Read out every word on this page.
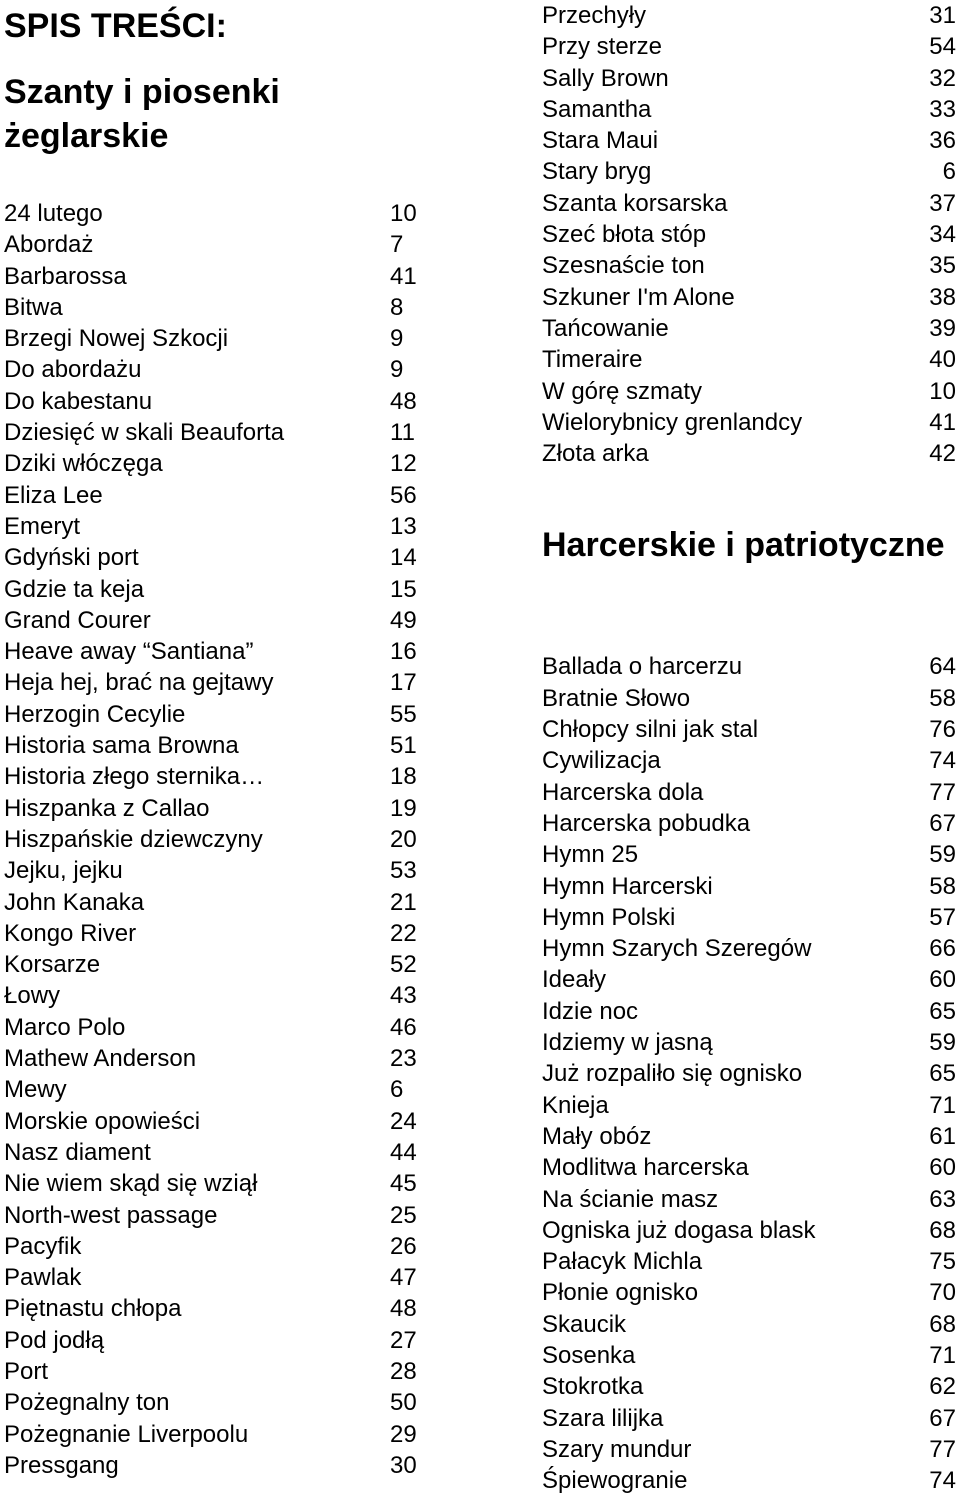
SPIS TREŚCI:
Szanty i piosenki żeglarskie
24 lutego	10
Abordaż	7
Barbarossa	41
Bitwa	8
Brzegi Nowej Szkocji	9
Do abordażu	9
Do kabestanu	48
Dziesięć w skali Beauforta	11
Dziki włóczęga	12
Eliza Lee	56
Emeryt	13
Gdyński port	14
Gdzie ta keja	15
Grand Courer	49
Heave away “Santiana”	16
Heja hej, brać na gejtawy	17
Herzogin Cecylie	55
Historia sama Browna	51
Historia złego sternika…	18
Hiszpanka z Callao	19
Hiszpańskie dziewczyny	20
Jejku, jejku	53
John Kanaka	21
Kongo River	22
Korsarze	52
Łowy	43
Marco Polo	46
Mathew Anderson	23
Mewy	6
Morskie opowieści	24
Nasz diament	44
Nie wiem skąd się wziął	45
North-west passage	25
Pacyfik	26
Pawlak	47
Piętnastu chłopa	48
Pod jodłą	27
Port	28
Pożegnalny ton	50
Pożegnanie Liverpoolu	29
Pressgang	30
Przechyły	31
Przy sterze	54
Sally Brown	32
Samantha	33
Stara Maui	36
Stary bryg	6
Szanta korsarska	37
Szeć błota stóp	34
Szesnaście ton	35
Szkuner I'm Alone	38
Tańcowanie	39
Timeraire	40
W górę szmaty	10
Wielorybnicy grenlandcy	41
Złota arka	42
Harcerskie i patriotyczne
Ballada o harcerzu	64
Bratnie Słowo	58
Chłopcy silni jak stal	76
Cywilizacja	74
Harcerska dola	77
Harcerska pobudka	67
Hymn 25	59
Hymn Harcerski	58
Hymn Polski	57
Hymn Szarych Szeregów	66
Ideały	60
Idzie noc	65
Idziemy w jasną	59
Już rozpaliło się ognisko	65
Knieja	71
Mały obóz	61
Modlitwa harcerska	60
Na ścianie masz	63
Ogniska już dogasa blask	68
Pałacyk Michla	75
Płonie ognisko	70
Skaucik	68
Sosenka	71
Stokrotka	62
Szara lilijka	67
Szary mundur	77
Śpiewogranie	74
